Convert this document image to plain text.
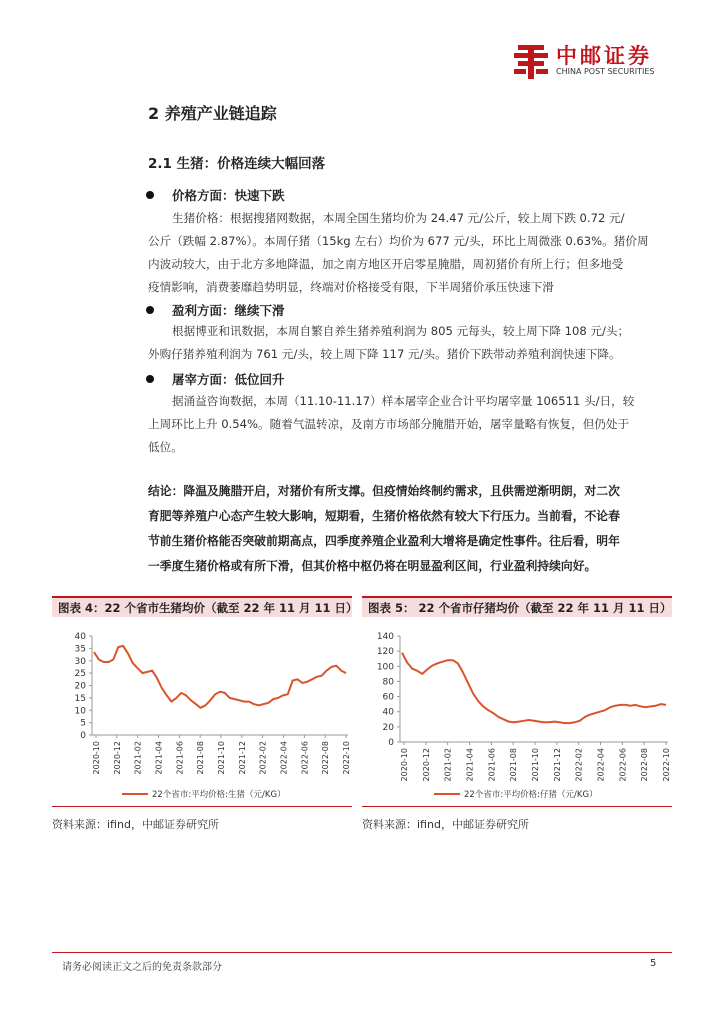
中邮证券
CHINA POST SECURITIES
2 养殖产业链追踪
2.1 生猪：价格连续大幅回落
价格方面：快速下跌
生猪价格：根据搜猪网数据，本周全国生猪均价为 24.47 元/公斤，较上周下跌 0.72 元/
公斤（跌幅 2.87%）。本周仔猪（15kg 左右）均价为 677 元/头，环比上周微涨 0.63%。猪价周
内波动较大，由于北方多地降温，加之南方地区开启零星腌腊，周初猪价有所上行；但多地受
疫情影响，消费萎靡趋势明显，终端对价格接受有限，下半周猪价承压快速下滑
盈利方面：继续下滑
根据博亚和讯数据，本周自繁自养生猪养殖利润为 805 元每头，较上周下降 108 元/头；
外购仔猪养殖利润为 761 元/头，较上周下降 117 元/头。猪价下跌带动养殖利润快速下降。
屠宰方面：低位回升
据涌益咨询数据，本周（11.10-11.17）样本屠宰企业合计平均屠宰量 106511 头/日，较
上周环比上升 0.54%。随着气温转凉，及南方市场部分腌腊开始，屠宰量略有恢复，但仍处于
低位。
结论：降温及腌腊开启，对猪价有所支撑。但疫情始终制约需求，且供需逆渐明朗，对二次
育肥等养殖户心态产生较大影响，短期看，生猪价格依然有较大下行压力。当前看，不论春
节前生猪价格能否突破前期高点，四季度养殖企业盈利大增将是确定性事件。往后看，明年
一季度生猪价格或有所下滑，但其价格中枢仍将在明显盈利区间，行业盈利持续向好。
图表 4：22 个省市生猪均价（截至 22 年 11 月 11 日） 图表 5： 22 个省市仔猪均价（截至 22 年 11 月 11 日）
0
5
10
15
20
25
30
35
40
2020-10 2020-12 2021-02 2021-04 2021-06 2021-08 2021-10 2021-12 2022-02 2022-04 2022-06 2022-08 2022-10
22个省市:平均价格:生猪（元/KG）
0
20
40
60
80
100
120
140
2020-10 2020-12 2021-02 2021-04 2021-06 2021-08 2021-10 2021-12 2022-02 2022-04 2022-06 2022-08 2022-10
22个省市:平均价格:仔猪（元/KG）
资料来源：ifind，中邮证券研究所	资料来源：ifind，中邮证券研究所
请务必阅读正文之后的免责条款部分	5
